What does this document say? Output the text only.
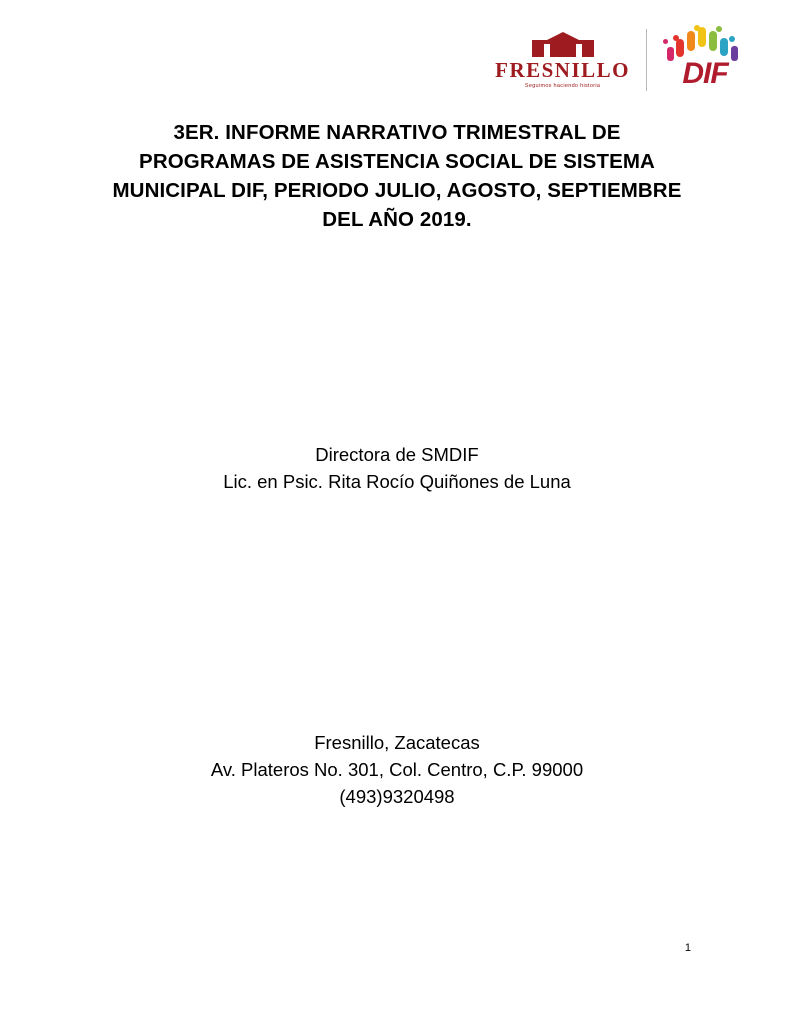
FRESNILLO
Seguimos haciendo historia	DIF
3ER. INFORME NARRATIVO TRIMESTRAL DE
PROGRAMAS DE ASISTENCIA SOCIAL DE SISTEMA
MUNICIPAL DIF, PERIODO JULIO, AGOSTO, SEPTIEMBRE
DEL AÑO 2019.
Directora de SMDIF
Lic. en Psic. Rita Rocío Quiñones de Luna
Fresnillo, Zacatecas
Av. Plateros No. 301, Col. Centro, C.P. 99000
(493)9320498
1
